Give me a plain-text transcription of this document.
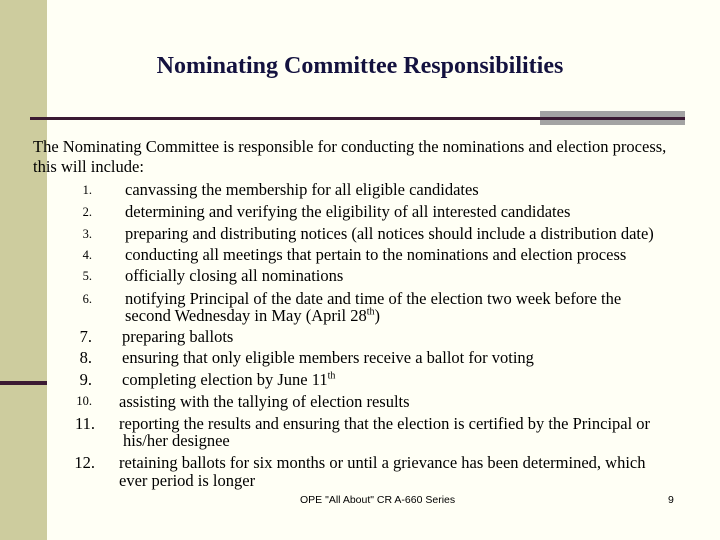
Nominating Committee Responsibilities
The Nominating Committee is responsible for conducting the nominations and election process, this will include:
1. canvassing the membership for all eligible candidates
2. determining and verifying the eligibility of all interested candidates
3. preparing and distributing notices (all notices should include a distribution date)
4. conducting all meetings that pertain to the nominations and election process
5. officially closing all nominations
6. notifying Principal of the date and time of the election two week before the
second Wednesday in May (April 28th)
7. preparing ballots
8. ensuring that only eligible members receive a ballot for voting
9. completing election by June 11th
10. assisting with the tallying of election results
11. reporting the results and ensuring that the election is certified by the Principal or
his/her designee
12. retaining ballots for six months or until a grievance has been determined, which
ever period is longer
OPE "All About" CR A-660 Series	9
